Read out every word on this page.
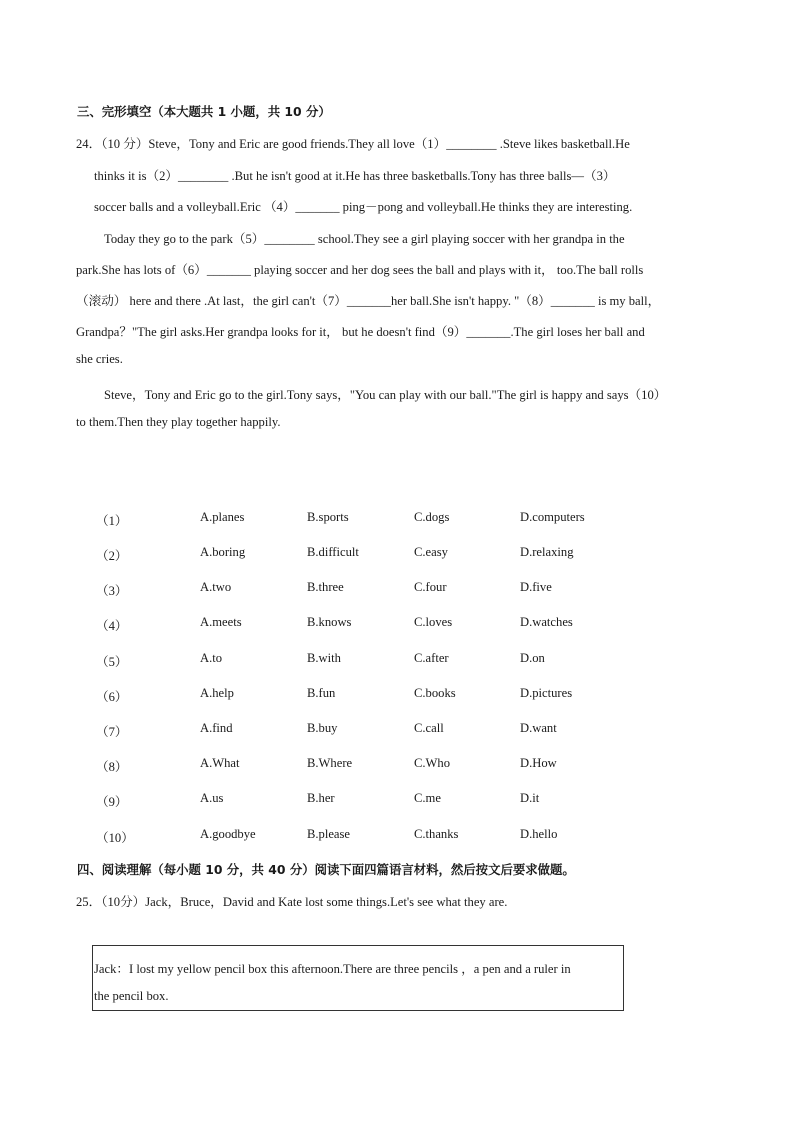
三、完形填空（本大题共 1 小题，共 10 分）
24．（10 分）Steve，Tony and Eric are good friends.They all love（1）________ .Steve likes basketball.He
thinks it is（2）________ .But he isn't good at it.He has three basketballs.Tony has three balls—（3）
soccer balls and a volleyball.Eric （4）_______ ping－pong and volleyball.He thinks they are interesting.
Today they go to the park（5）________ school.They see a girl playing soccer with her grandpa in the
park.She has lots of（6）_______ playing soccer and her dog sees the ball and plays with it， too.The ball rolls
（滚动） here and there .At last，the girl can't（7）_______her ball.She isn't happy. "（8）_______ is my ball，
Grandpa？"The girl asks.Her grandpa looks for it， but he doesn't find（9）_______.The girl loses her ball and
she cries.
Steve，Tony and Eric go to the girl.Tony says，"You can play with our ball."The girl is happy and says（10）
to them.Then they play together happily.
（1）	A.planes	B.sports	C.dogs	D.computers
（2）	A.boring	B.difficult	C.easy	D.relaxing
（3）	A.two	B.three	C.four	D.five
（4）	A.meets	B.knows	C.loves	D.watches
（5）	A.to	B.with	C.after	D.on
（6）	A.help	B.fun	C.books	D.pictures
（7）	A.find	B.buy	C.call	D.want
（8）	A.What	B.Where	C.Who	D.How
（9）	A.us	B.her	C.me	D.it
（10）	A.goodbye	B.please	C.thanks	D.hello
四、阅读理解（每小题 10 分，共 40 分）阅读下面四篇语言材料，然后按文后要求做题。
25．（10分）Jack，Bruce，David and Kate lost some things.Let's see what they are.
Jack：I lost my yellow pencil box this afternoon.There are three pencils ，a pen and a ruler in
the pencil box.
